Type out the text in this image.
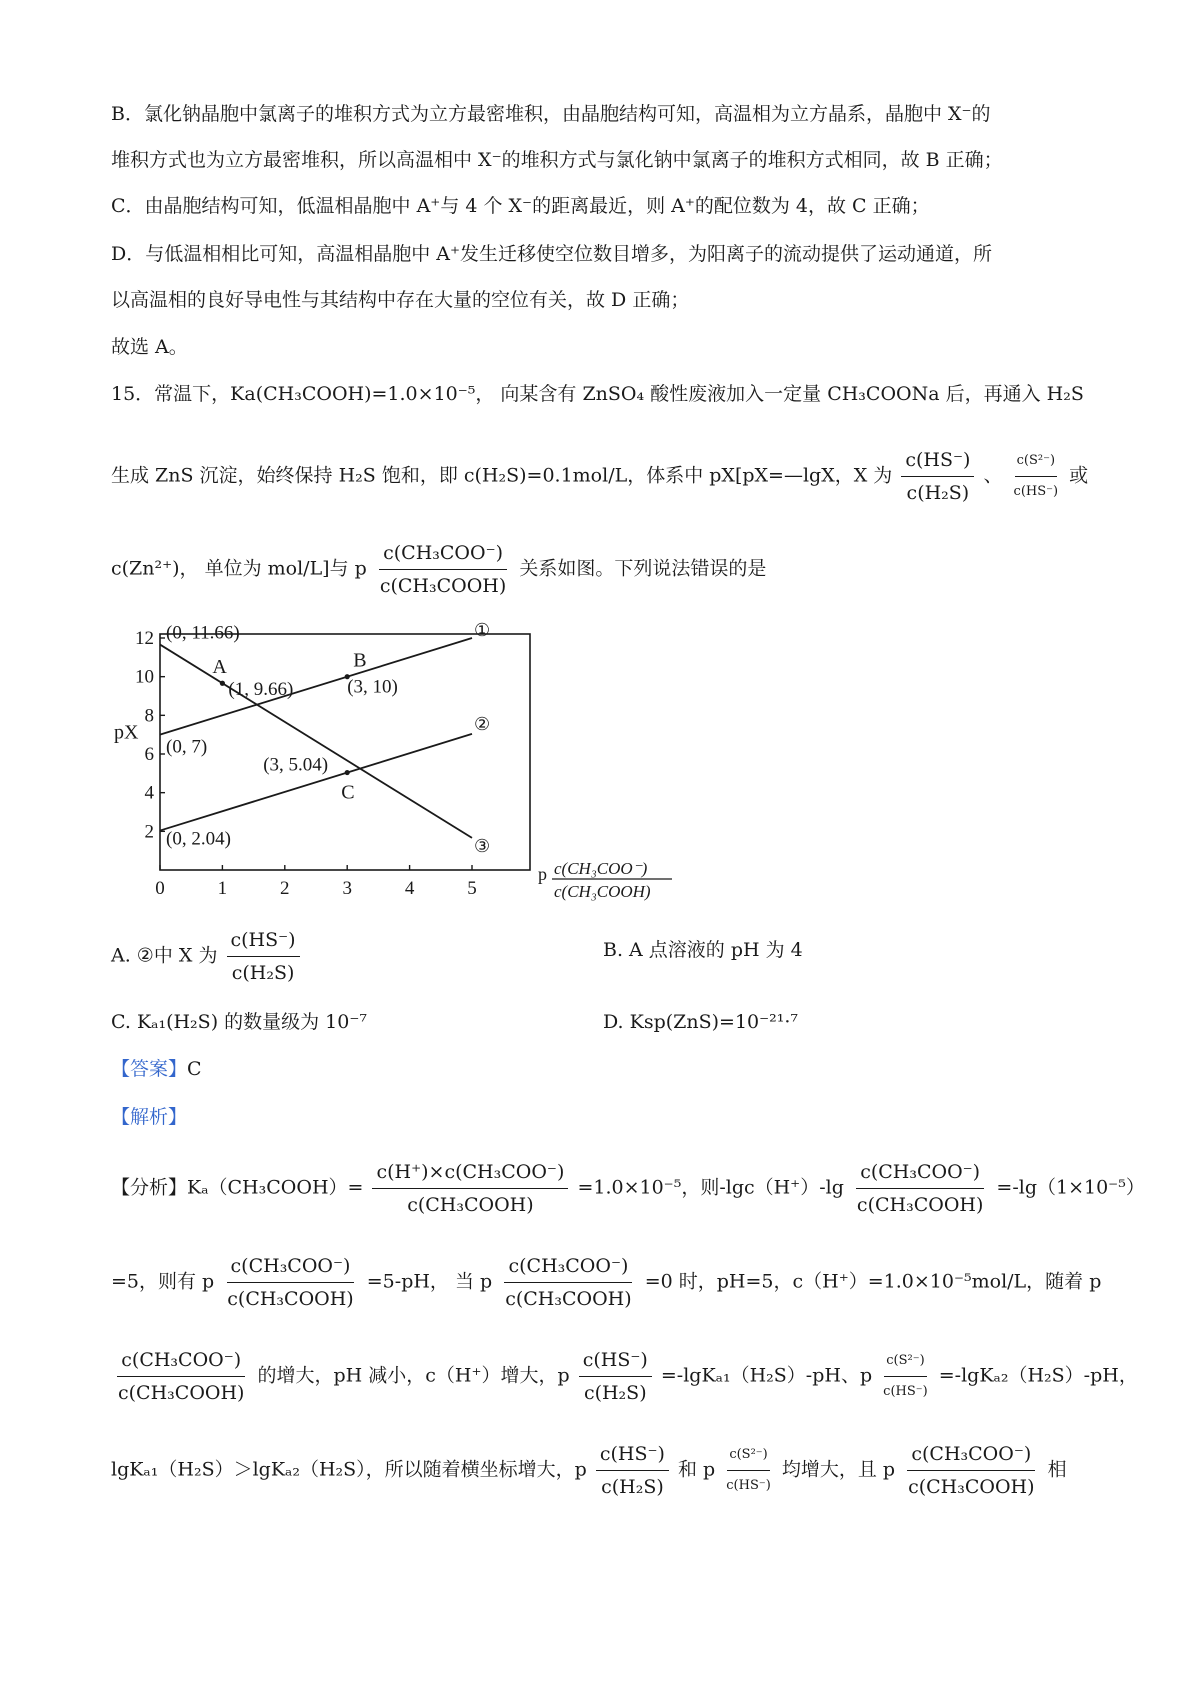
B．氯化钠晶胞中氯离子的堆积方式为立方最密堆积，由晶胞结构可知，高温相为立方晶系，晶胞中 X⁻的
堆积方式也为立方最密堆积，所以高温相中 X⁻的堆积方式与氯化钠中氯离子的堆积方式相同，故 B 正确；
C．由晶胞结构可知，低温相晶胞中 A⁺与 4 个 X⁻的距离最近，则 A⁺的配位数为 4，故 C 正确；
D．与低温相相比可知，高温相晶胞中 A⁺发生迁移使空位数目增多，为阳离子的流动提供了运动通道，所
以高温相的良好导电性与其结构中存在大量的空位有关，故 D 正确；
故选 A。
15．常温下，Ka(CH₃COOH)=1.0×10⁻⁵， 向某含有 ZnSO₄ 酸性废液加入一定量 CH₃COONa 后，再通入 H₂S
生成 ZnS 沉淀，始终保持 H₂S 饱和，即 c(H₂S)=0.1mol/L，体系中 pX[pX=—lgX，X 为 $\frac{c(HS^-)}{\text{c(H₂S)}}$ 、 $\frac{\text{c(S²⁻)}}{c(HS^-)}$ 或
c(Zn²⁺)， 单位为 mol/L]与 p $\frac{\text{c(CH₃COO⁻)}}{\text{c(CH₃COOH)}}$ 关系如图。下列说法错误的是
0	1	2	3	4	5
2
4
6
8
10
12
pX
p c(CH₃COO⁻)
c(CH₃COOH)
①
②
③
(0, 11.66)
A
(1, 9.66)
B
(3, 10)
(0, 7)
C
(3, 5.04)
(0, 2.04)
A. ②中 X 为 $\frac{c(HS^-)}{\text{c(H₂S)}}$	B. A 点溶液的 pH 为 4
C. Kₐ₁(H₂S) 的数量级为 10⁻⁷	D. Ksp(ZnS)=10⁻²¹·⁷
【答案】C
【解析】
【分析】Kₐ（CH₃COOH）= $\frac{\text{c(H⁺)×c(CH₃COO⁻)}}{\text{c(CH₃COOH)}} =1.0\times 10^{-5}$，则$-\lg c(H^+)-\lg \frac{\text{c(CH₃COO⁻)}}{\text{c(CH₃COOH)}} =-\lg(1\times 10^{-5})$
=5，则有 p $\frac{\text{c(CH₃COO⁻)}}{\text{c(CH₃COOH)}} =5-pH$， 当 p $\frac{\text{c(CH₃COO⁻)}}{\text{c(CH₃COOH)}} =0$ 时，pH=5，c（H⁺）=1.0×10⁻⁵mol/L，随着 p
$\frac{\text{c(CH₃COO⁻)}}{\text{c(CH₃COOH)}}$ 的增大，pH 减小，c（H⁺）增大，p $\frac{c(HS^-)}{\text{c(H₂S)}} =-\lg K_{a1}(H_2S)-pH$、p $\frac{\text{c(S²⁻)}}{c(HS^-)} =-\lg K_{a2}(H_2S)-pH$，
lgKₐ₁（H₂S）＞lgKₐ₂（H₂S），所以随着横坐标增大，p $\frac{c(HS^-)}{\text{c(H₂S)}}$ 和 p $\frac{\text{c(S²⁻)}}{c(HS^-)}$ 均增大，且 p $\frac{\text{c(CH₃COO⁻)}}{\text{c(CH₃COOH)}}$ 相
